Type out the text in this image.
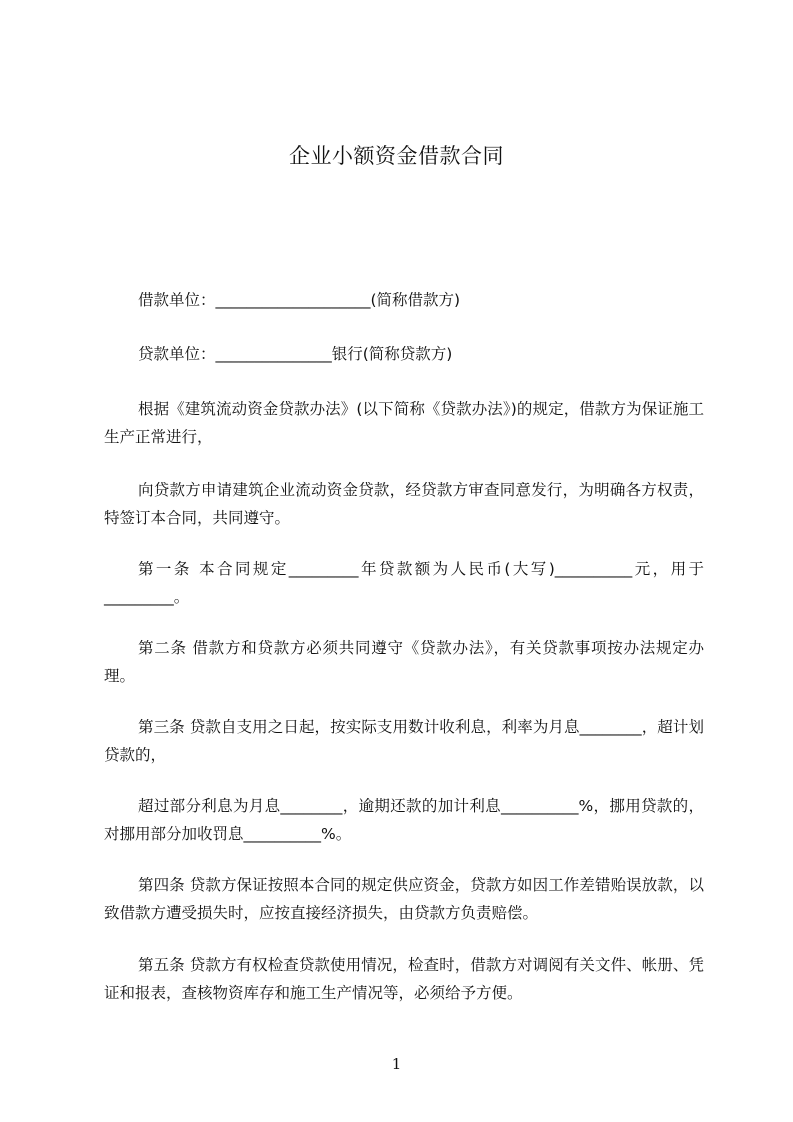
企业小额资金借款合同

借款单位：____________________(简称借款方)

贷款单位：_______________银行(简称贷款方)

根据《建筑流动资金贷款办法》(以下简称《贷款办法》)的规定，借款方为保证施工生产正常进行，

向贷款方申请建筑企业流动资金贷款，经贷款方审查同意发行，为明确各方权责，特签订本合同，共同遵守。

第一条 本合同规定_________年贷款额为人民币(大写)__________元，用于_________。

第二条 借款方和贷款方必须共同遵守《贷款办法》，有关贷款事项按办法规定办理。

第三条 贷款自支用之日起，按实际支用数计收利息，利率为月息________，超计划贷款的，

超过部分利息为月息________，逾期还款的加计利息__________%，挪用贷款的，对挪用部分加收罚息__________%。

第四条 贷款方保证按照本合同的规定供应资金，贷款方如因工作差错贻误放款，以致借款方遭受损失时，应按直接经济损失，由贷款方负责赔偿。

第五条 贷款方有权检查贷款使用情况，检查时，借款方对调阅有关文件、帐册、凭证和报表，查核物资库存和施工生产情况等，必须给予方便。

1
